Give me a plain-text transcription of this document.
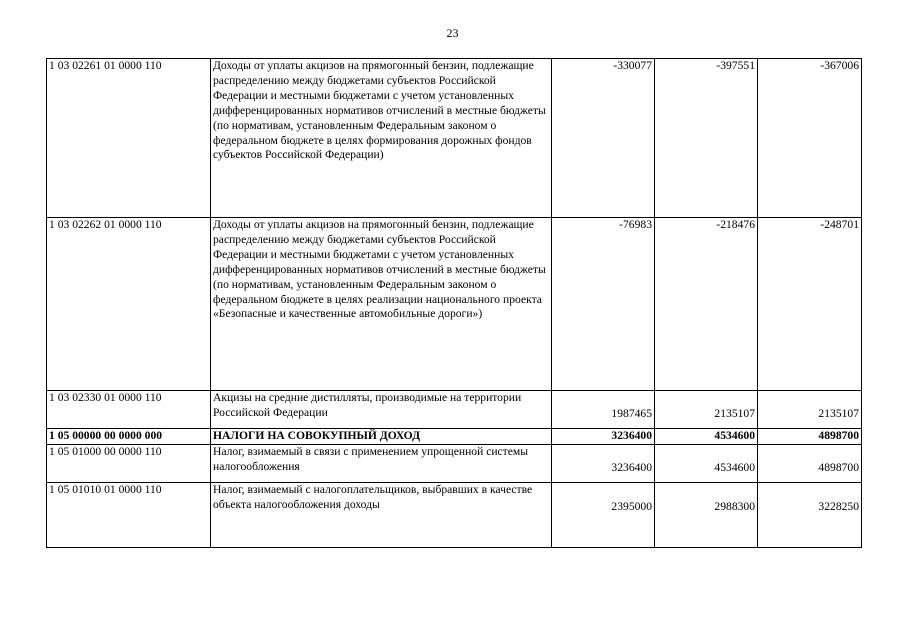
23
1 03 02261 01 0000 110	Доходы от уплаты акцизов на прямогонный бензин, подлежащие распределению между бюджетами субъектов Российской Федерации и местными бюджетами с учетом установленных дифференцированных нормативов отчислений в местные бюджеты (по нормативам, установленным Федеральным законом о федеральном бюджете в целях формирования дорожных фондов субъектов Российской Федерации)	-330077	-397551	-367006
1 03 02262 01 0000 110	Доходы от уплаты акцизов на прямогонный бензин, подлежащие распределению между бюджетами субъектов Российской Федерации и местными бюджетами с учетом установленных дифференцированных нормативов отчислений в местные бюджеты (по нормативам, установленным Федеральным законом о федеральном бюджете в целях реализации национального проекта «Безопасные и качественные автомобильные дороги»)	-76983	-218476	-248701
1 03 02330 01 0000 110	Акцизы на средние дистилляты, производимые на территории Российской Федерации	1987465	2135107	2135107
1 05 00000 00 0000 000	НАЛОГИ НА СОВОКУПНЫЙ ДОХОД	3236400	4534600	4898700
1 05 01000 00 0000 110	Налог, взимаемый в связи с применением упрощенной системы налогообложения	3236400	4534600	4898700
1 05 01010 01 0000 110	Налог, взимаемый с налогоплательщиков, выбравших в качестве объекта налогообложения доходы	2395000	2988300	3228250
